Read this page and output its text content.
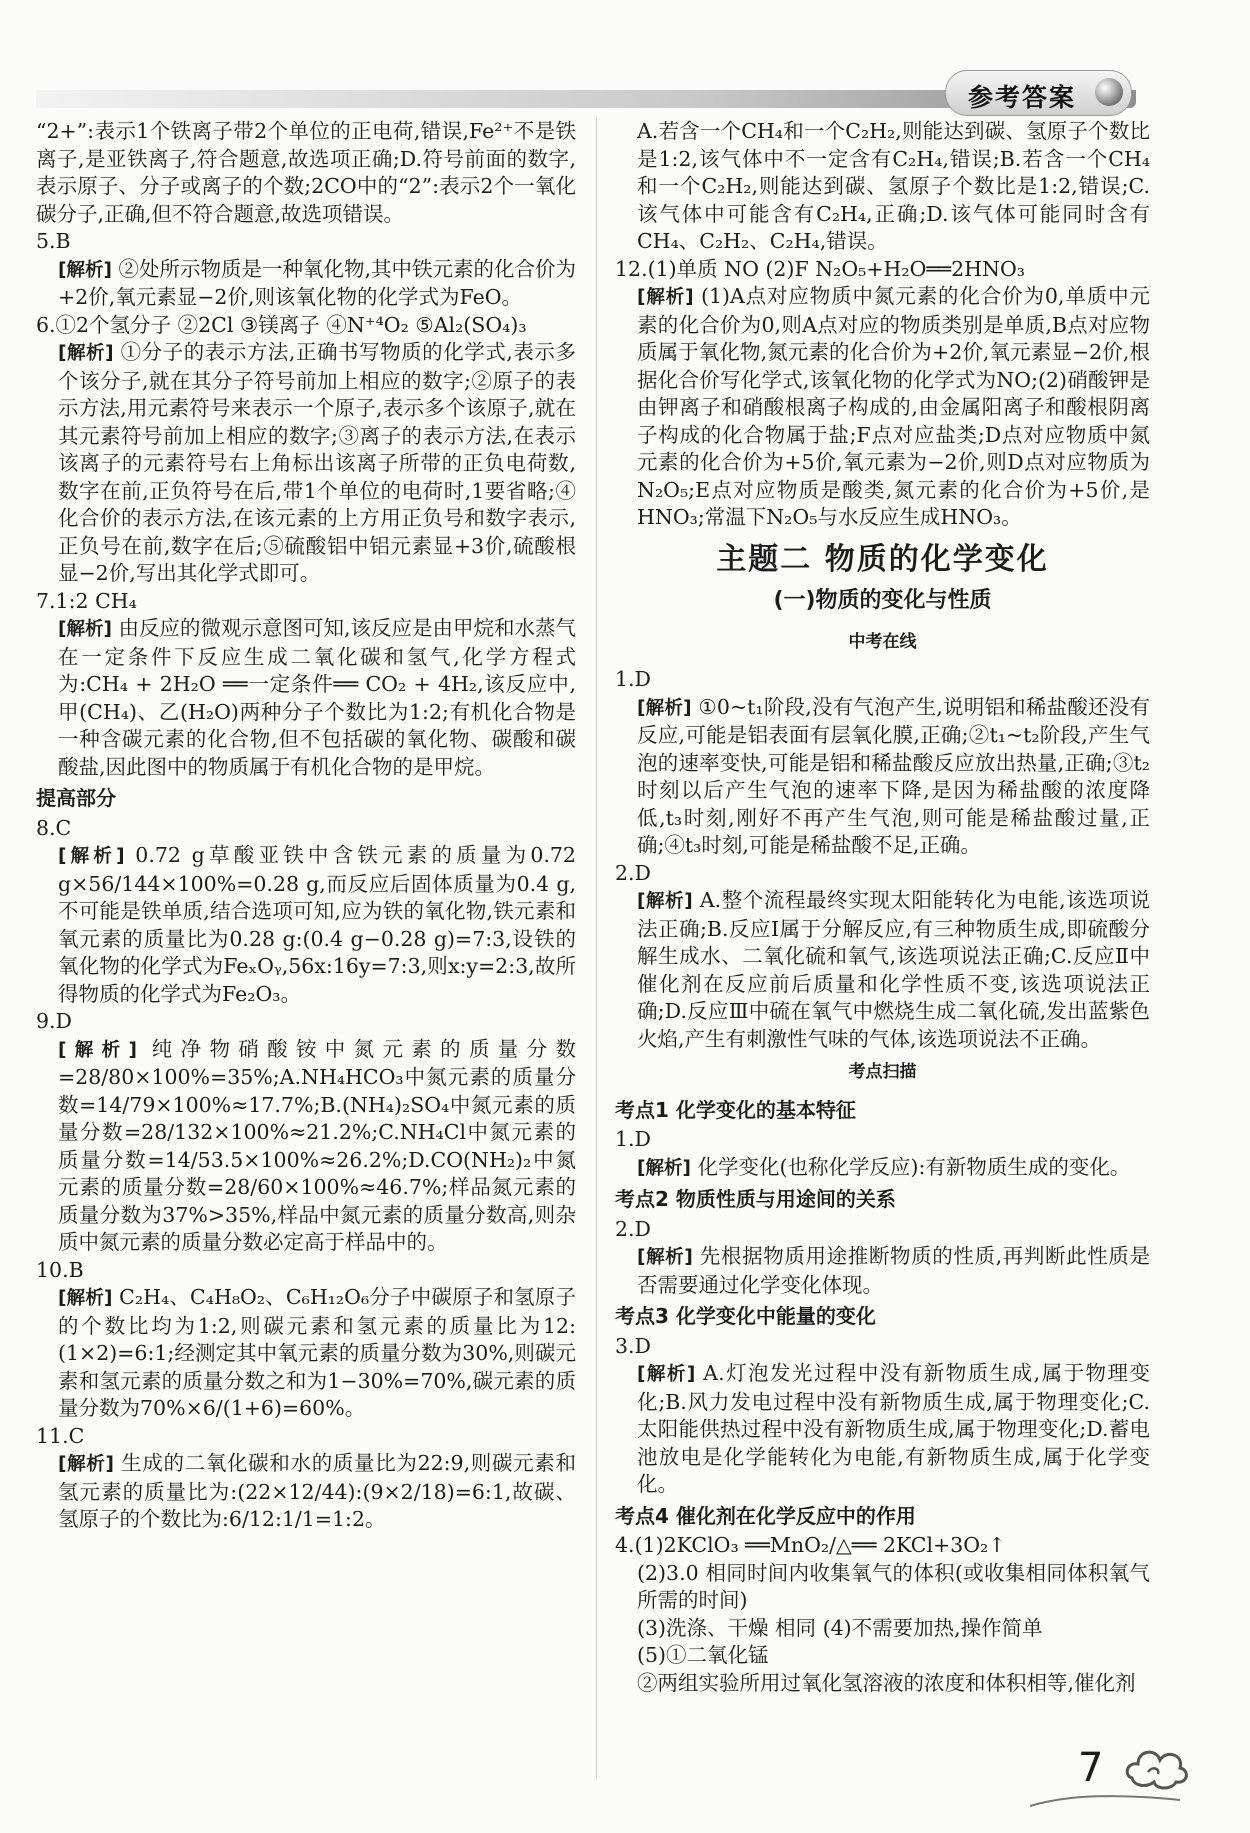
参考答案

“2+”:表示1个铁离子带2个单位的正电荷,错误,Fe²⁺不是铁离子,是亚铁离子,符合题意,故选项正确;D.符号前面的数字,表示原子、分子或离子的个数;2CO中的“2”:表示2个一氧化碳分子,正确,但不符合题意,故选项错误。

5.B

[解析] ②处所示物质是一种氧化物,其中铁元素的化合价为+2价,氧元素显−2价,则该氧化物的化学式为FeO。

6.①2个氢分子 ②2Cl ③镁离子 ④N⁺⁴O₂ ⑤Al₂(SO₄)₃

[解析] ①分子的表示方法,正确书写物质的化学式,表示多个该分子,就在其分子符号前加上相应的数字;②原子的表示方法,用元素符号来表示一个原子,表示多个该原子,就在其元素符号前加上相应的数字;③离子的表示方法,在表示该离子的元素符号右上角标出该离子所带的正负电荷数,数字在前,正负符号在后,带1个单位的电荷时,1要省略;④化合价的表示方法,在该元素的上方用正负号和数字表示,正负号在前,数字在后;⑤硫酸铝中铝元素显+3价,硫酸根显−2价,写出其化学式即可。

7.1:2 CH₄

[解析] 由反应的微观示意图可知,该反应是由甲烷和水蒸气在一定条件下反应生成二氧化碳和氢气,化学方程式为:CH₄ + 2H₂O ══一定条件══ CO₂ + 4H₂,该反应中,甲(CH₄)、乙(H₂O)两种分子个数比为1:2;有机化合物是一种含碳元素的化合物,但不包括碳的氧化物、碳酸和碳酸盐,因此图中的物质属于有机化合物的是甲烷。

提高部分

8.C

[解析] 0.72 g草酸亚铁中含铁元素的质量为0.72 g×56/144×100%=0.28 g,而反应后固体质量为0.4 g,不可能是铁单质,结合选项可知,应为铁的氧化物,铁元素和氧元素的质量比为0.28 g:(0.4 g−0.28 g)=7:3,设铁的氧化物的化学式为FeₓOᵧ,56x:16y=7:3,则x:y=2:3,故所得物质的化学式为Fe₂O₃。

9.D

[解析] 纯净物硝酸铵中氮元素的质量分数=28/80×100%=35%;A.NH₄HCO₃中氮元素的质量分数=14/79×100%≈17.7%;B.(NH₄)₂SO₄中氮元素的质量分数=28/132×100%≈21.2%;C.NH₄Cl中氮元素的质量分数=14/53.5×100%≈26.2%;D.CO(NH₂)₂中氮元素的质量分数=28/60×100%≈46.7%;样品氮元素的质量分数为37%>35%,样品中氮元素的质量分数高,则杂质中氮元素的质量分数必定高于样品中的。

10.B

[解析] C₂H₄、C₄H₈O₂、C₆H₁₂O₆分子中碳原子和氢原子的个数比均为1:2,则碳元素和氢元素的质量比为12:(1×2)=6:1;经测定其中氧元素的质量分数为30%,则碳元素和氢元素的质量分数之和为1−30%=70%,碳元素的质量分数为70%×6/(1+6)=60%。

11.C

[解析] 生成的二氧化碳和水的质量比为22:9,则碳元素和氢元素的质量比为:(22×12/44):(9×2/18)=6:1,故碳、氢原子的个数比为:6/12:1/1=1:2。

A.若含一个CH₄和一个C₂H₂,则能达到碳、氢原子个数比是1:2,该气体中不一定含有C₂H₄,错误;B.若含一个CH₄和一个C₂H₂,则能达到碳、氢原子个数比是1:2,错误;C.该气体中可能含有C₂H₄,正确;D.该气体可能同时含有CH₄、C₂H₂、C₂H₄,错误。

12.(1)单质 NO (2)F N₂O₅+H₂O══2HNO₃

[解析] (1)A点对应物质中氮元素的化合价为0,单质中元素的化合价为0,则A点对应的物质类别是单质,B点对应物质属于氧化物,氮元素的化合价为+2价,氧元素显−2价,根据化合价写化学式,该氧化物的化学式为NO;(2)硝酸钾是由钾离子和硝酸根离子构成的,由金属阳离子和酸根阴离子构成的化合物属于盐;F点对应盐类;D点对应物质中氮元素的化合价为+5价,氧元素为−2价,则D点对应物质为N₂O₅;E点对应物质是酸类,氮元素的化合价为+5价,是HNO₃;常温下N₂O₅与水反应生成HNO₃。

主题二 物质的化学变化
(一)物质的变化与性质
中考在线

1.D

[解析] ①0~t₁阶段,没有气泡产生,说明铝和稀盐酸还没有反应,可能是铝表面有层氧化膜,正确;②t₁~t₂阶段,产生气泡的速率变快,可能是铝和稀盐酸反应放出热量,正确;③t₂时刻以后产生气泡的速率下降,是因为稀盐酸的浓度降低,t₃时刻,刚好不再产生气泡,则可能是稀盐酸过量,正确;④t₃时刻,可能是稀盐酸不足,正确。

2.D

[解析] A.整个流程最终实现太阳能转化为电能,该选项说法正确;B.反应Ⅰ属于分解反应,有三种物质生成,即硫酸分解生成水、二氧化硫和氧气,该选项说法正确;C.反应Ⅱ中催化剂在反应前后质量和化学性质不变,该选项说法正确;D.反应Ⅲ中硫在氧气中燃烧生成二氧化硫,发出蓝紫色火焰,产生有刺激性气味的气体,该选项说法不正确。

考点扫描

考点1 化学变化的基本特征

1.D

[解析] 化学变化(也称化学反应):有新物质生成的变化。

考点2 物质性质与用途间的关系

2.D

[解析] 先根据物质用途推断物质的性质,再判断此性质是否需要通过化学变化体现。

考点3 化学变化中能量的变化

3.D

[解析] A.灯泡发光过程中没有新物质生成,属于物理变化;B.风力发电过程中没有新物质生成,属于物理变化;C.太阳能供热过程中没有新物质生成,属于物理变化;D.蓄电池放电是化学能转化为电能,有新物质生成,属于化学变化。

考点4 催化剂在化学反应中的作用

4.(1)2KClO₃ ══MnO₂/△══ 2KCl+3O₂↑

(2)3.0 相同时间内收集氧气的体积(或收集相同体积氧气所需的时间)

(3)洗涤、干燥 相同 (4)不需要加热,操作简单

(5)①二氧化锰

②两组实验所用过氧化氢溶液的浓度和体积相等,催化剂

7
